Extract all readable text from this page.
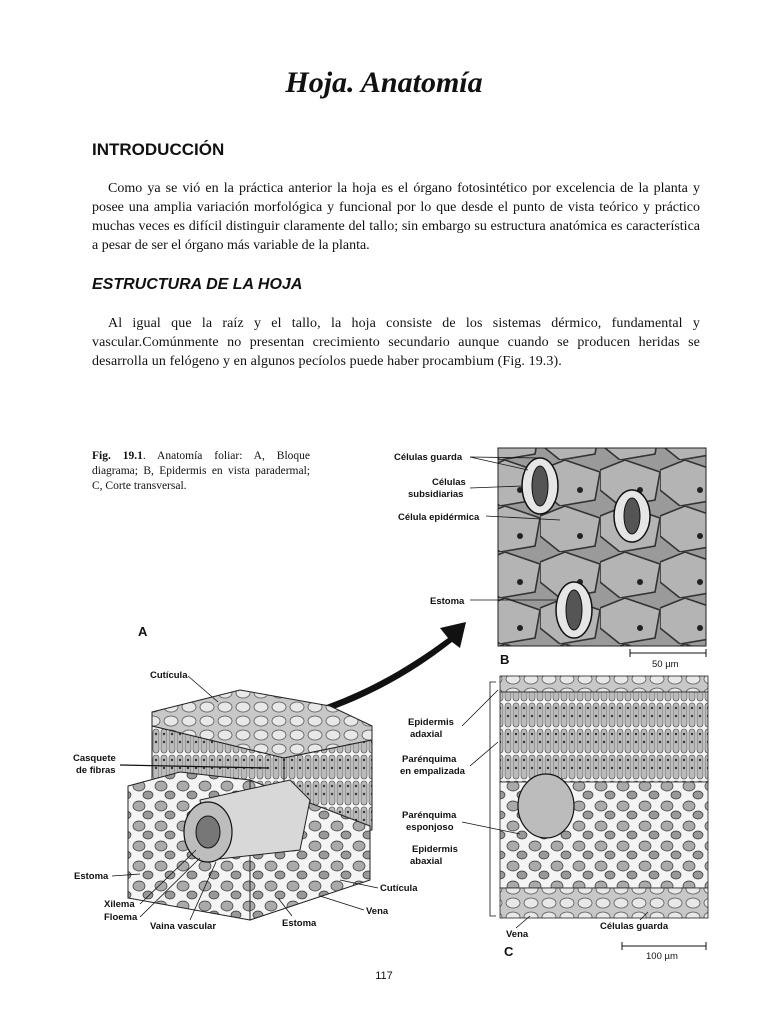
Hoja. Anatomía
INTRODUCCIÓN

Como ya se vió en la práctica anterior la hoja es el órgano fotosintético por excelencia de la planta y posee una amplia variación morfológica y funcional por lo que desde el punto de vista teórico y práctico muchas veces es difícil distinguir claramente del tallo; sin embargo su estructura anatómica es característica a pesar de ser el órgano más variable de la planta.

ESTRUCTURA DE LA HOJA

Al igual que la raíz y el tallo, la hoja consiste de los sistemas dérmico, fundamental y vascular.Comúnmente no presentan crecimiento secundario aunque cuando se producen heridas se desarrolla un felógeno y en algunos pecíolos puede haber procambium (Fig. 19.3).

Fig. 19.1. Anatomía foliar: A, Bloque diagrama; B, Epidermis en vista paradermal; C, Corte transversal.

Células guarda
Células
subsidiarias
Célula epidérmica
Estoma
B	50 µm
A
Cutícula
Casquete
de fibras
Estoma
Xilema
Floema
Vaina vascular	Estoma
Cutícula
Vena
Epidermis
adaxial
Parénquima
en empalizada
Parénquima
esponjoso
Epidermis
abaxial
Vena
Células guarda
C	100 µm
117
